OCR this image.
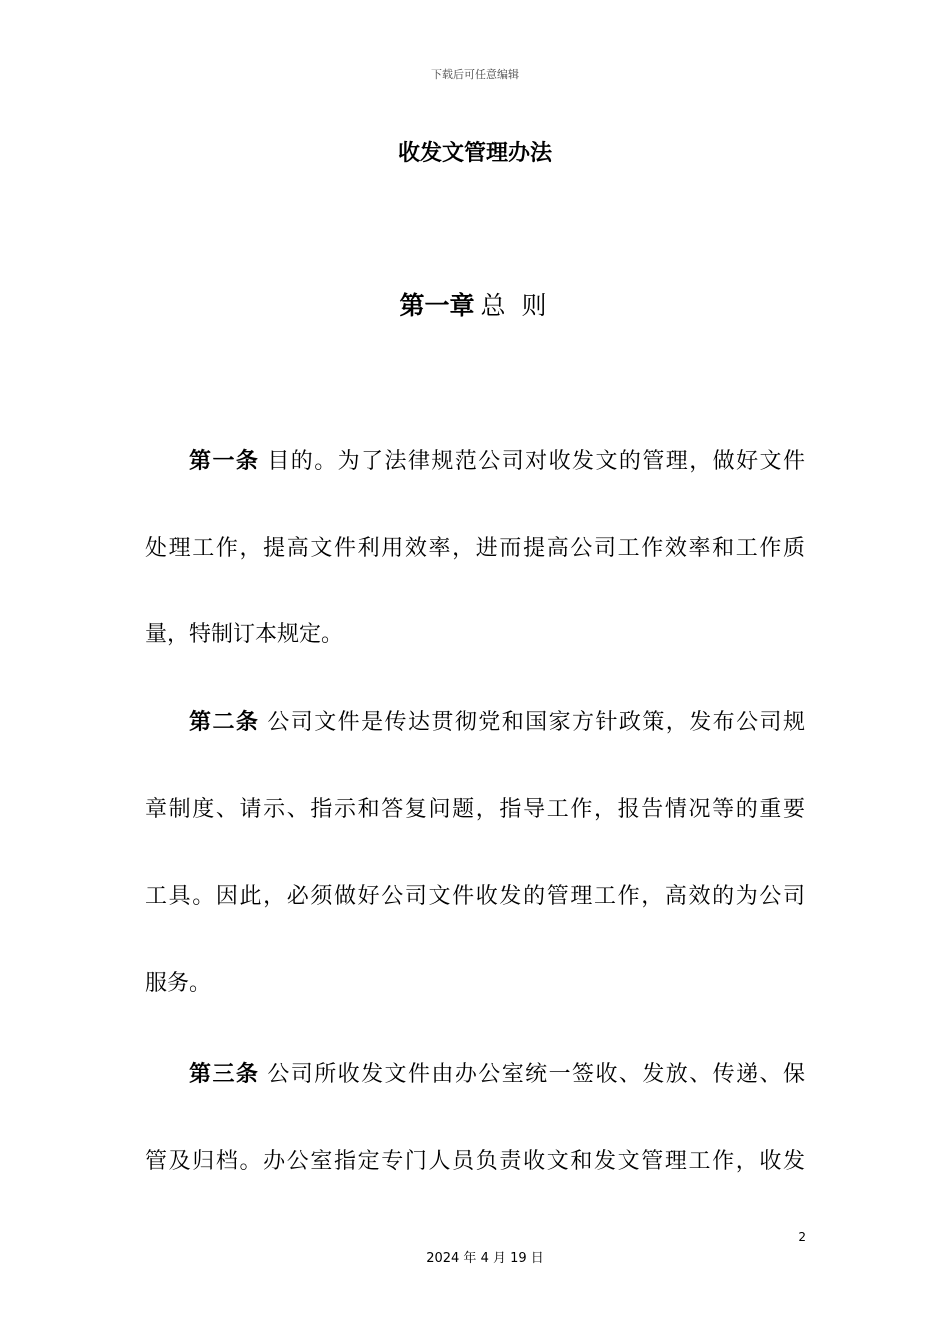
下载后可任意编辑
收发文管理办法
第一章 总 则
第一条 目的。为了法律规范公司对收发文的管理，做好文件
处理工作，提高文件利用效率，进而提高公司工作效率和工作质
量，特制订本规定。
第二条 公司文件是传达贯彻党和国家方针政策，发布公司规
章制度、请示、指示和答复问题，指导工作，报告情况等的重要
工具。因此，必须做好公司文件收发的管理工作，高效的为公司
服务。
第三条 公司所收发文件由办公室统一签收、发放、传递、保
管及归档。办公室指定专门人员负责收文和发文管理工作，收发
2
2024 年 4 月 19 日
